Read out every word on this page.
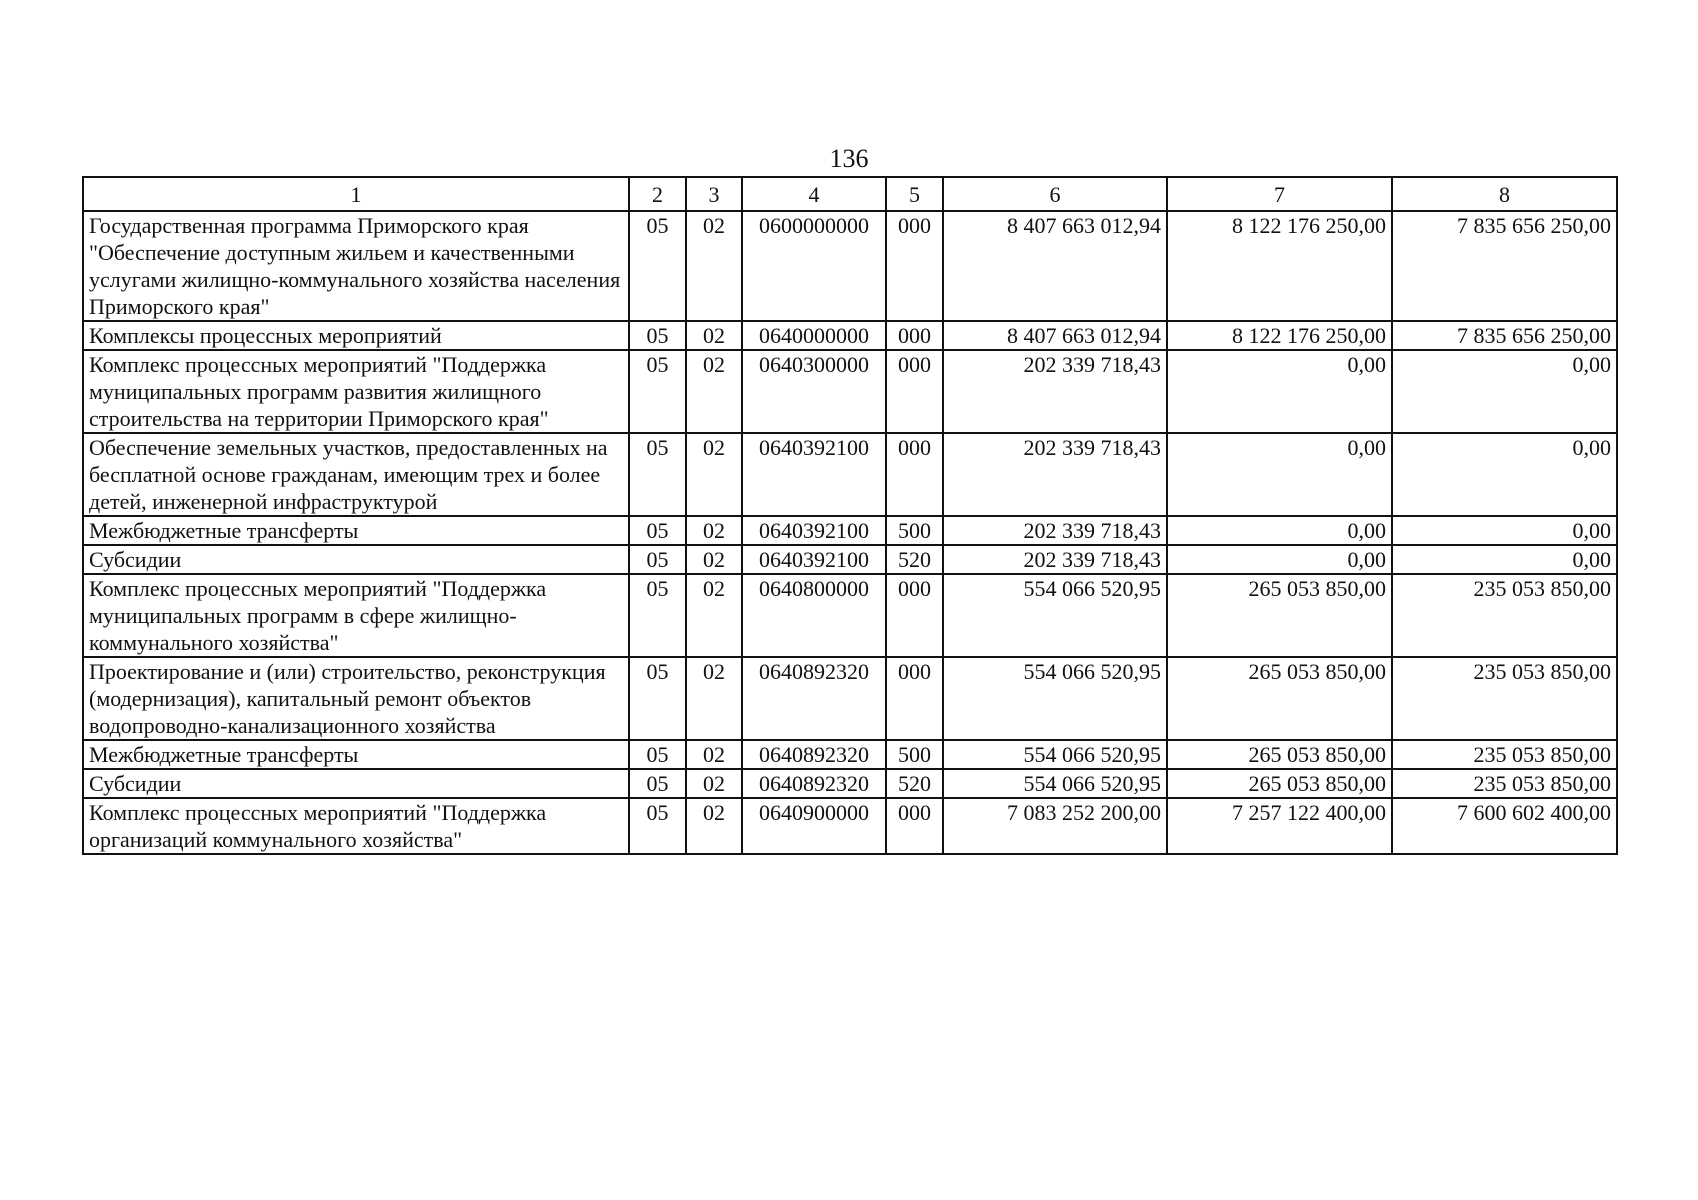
136
1	2	3	4	5	6	7	8
Государственная программа Приморского края "Обеспечение доступным жильем и качественными услугами жилищно-коммунального хозяйства населения Приморского края"	05	02	0600000000	000	8 407 663 012,94	8 122 176 250,00	7 835 656 250,00
Комплексы процессных мероприятий	05	02	0640000000	000	8 407 663 012,94	8 122 176 250,00	7 835 656 250,00
Комплекс процессных мероприятий "Поддержка муниципальных программ развития жилищного строительства на территории Приморского края"	05	02	0640300000	000	202 339 718,43	0,00	0,00
Обеспечение земельных участков, предоставленных на бесплатной основе гражданам, имеющим трех и более детей, инженерной инфраструктурой	05	02	0640392100	000	202 339 718,43	0,00	0,00
Межбюджетные трансферты	05	02	0640392100	500	202 339 718,43	0,00	0,00
Субсидии	05	02	0640392100	520	202 339 718,43	0,00	0,00
Комплекс процессных мероприятий "Поддержка муниципальных программ в сфере жилищно-коммунального хозяйства"	05	02	0640800000	000	554 066 520,95	265 053 850,00	235 053 850,00
Проектирование и (или) строительство, реконструкция (модернизация), капитальный ремонт объектов водопроводно-канализационного хозяйства	05	02	0640892320	000	554 066 520,95	265 053 850,00	235 053 850,00
Межбюджетные трансферты	05	02	0640892320	500	554 066 520,95	265 053 850,00	235 053 850,00
Субсидии	05	02	0640892320	520	554 066 520,95	265 053 850,00	235 053 850,00
Комплекс процессных мероприятий "Поддержка организаций коммунального хозяйства"	05	02	0640900000	000	7 083 252 200,00	7 257 122 400,00	7 600 602 400,00
